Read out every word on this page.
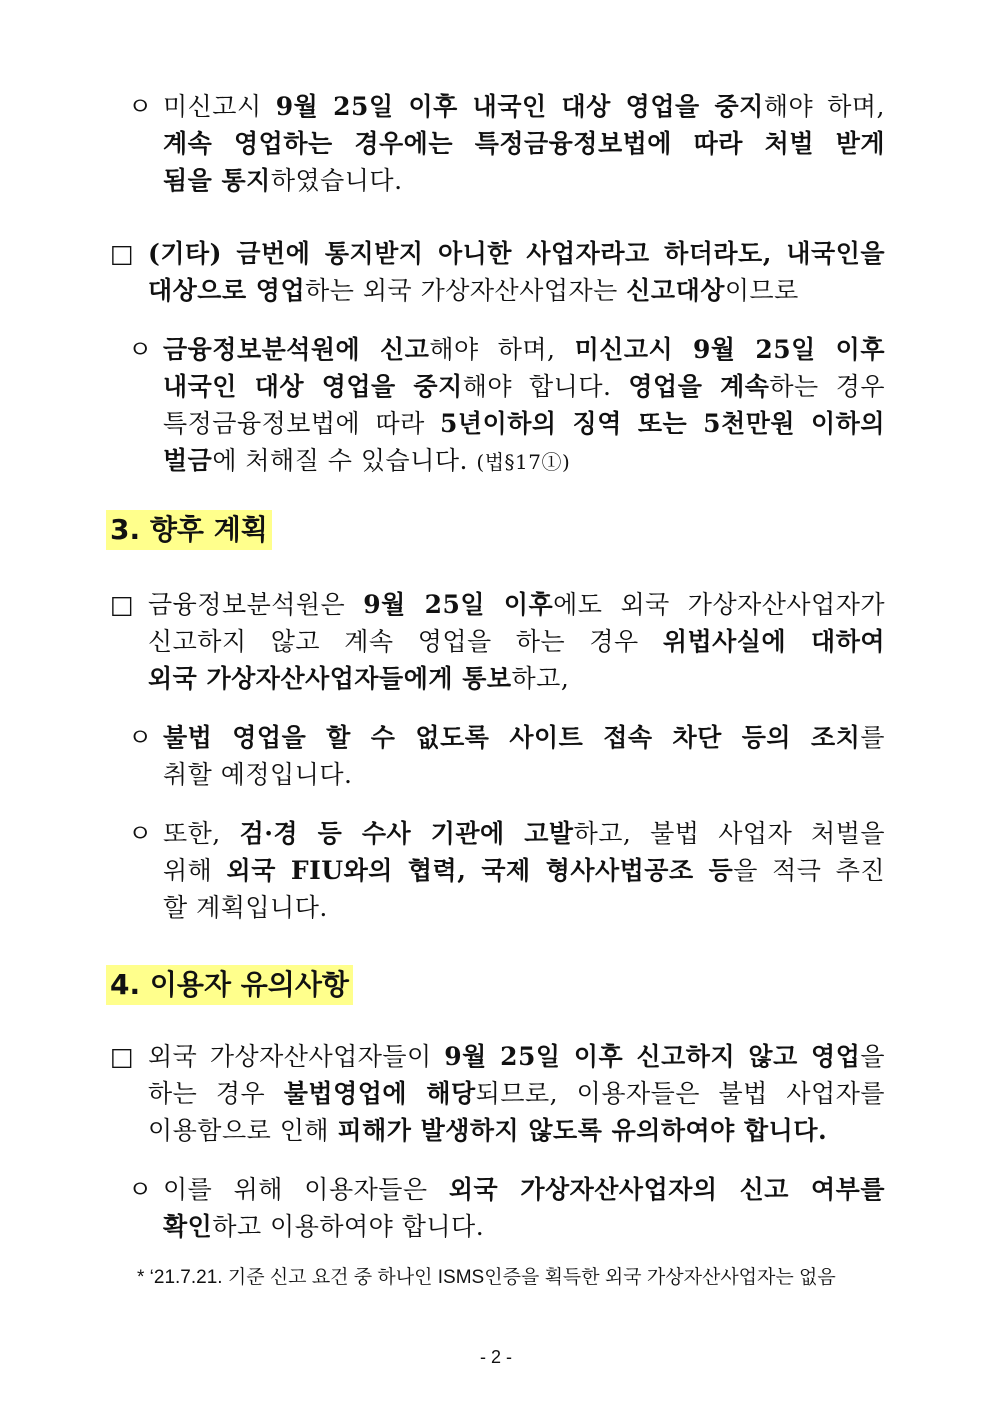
ㅇ 미신고시 9월 25일 이후 내국인 대상 영업을 중지해야 하며,
계속 영업하는 경우에는 특정금융정보법에 따라 처벌 받게
됨을 통지하였습니다.
□ (기타) 금번에 통지받지 아니한 사업자라고 하더라도, 내국인을
대상으로 영업하는 외국 가상자산사업자는 신고대상이므로
ㅇ 금융정보분석원에 신고해야 하며, 미신고시 9월 25일 이후
내국인 대상 영업을 중지해야 합니다. 영업을 계속하는 경우
특정금융정보법에 따라 5년이하의 징역 또는 5천만원 이하의
벌금에 처해질 수 있습니다. (법§17①)
3. 향후 계획
□ 금융정보분석원은 9월 25일 이후에도 외국 가상자산사업자가
신고하지 않고 계속 영업을 하는 경우 위법사실에 대하여
외국 가상자산사업자들에게 통보하고,
ㅇ 불법 영업을 할 수 없도록 사이트 접속 차단 등의 조치를
취할 예정입니다.
ㅇ 또한, 검·경 등 수사 기관에 고발하고, 불법 사업자 처벌을
위해 외국 FIU와의 협력, 국제 형사사법공조 등을 적극 추진
할 계획입니다.
4. 이용자 유의사항
□ 외국 가상자산사업자들이 9월 25일 이후 신고하지 않고 영업을
하는 경우 불법영업에 해당되므로, 이용자들은 불법 사업자를
이용함으로 인해 피해가 발생하지 않도록 유의하여야 합니다.
ㅇ 이를 위해 이용자들은 외국 가상자산사업자의 신고 여부를
확인하고 이용하여야 합니다.
* ‘21.7.21. 기준 신고 요건 중 하나인 ISMS인증을 획득한 외국 가상자산사업자는 없음
- 2 -
